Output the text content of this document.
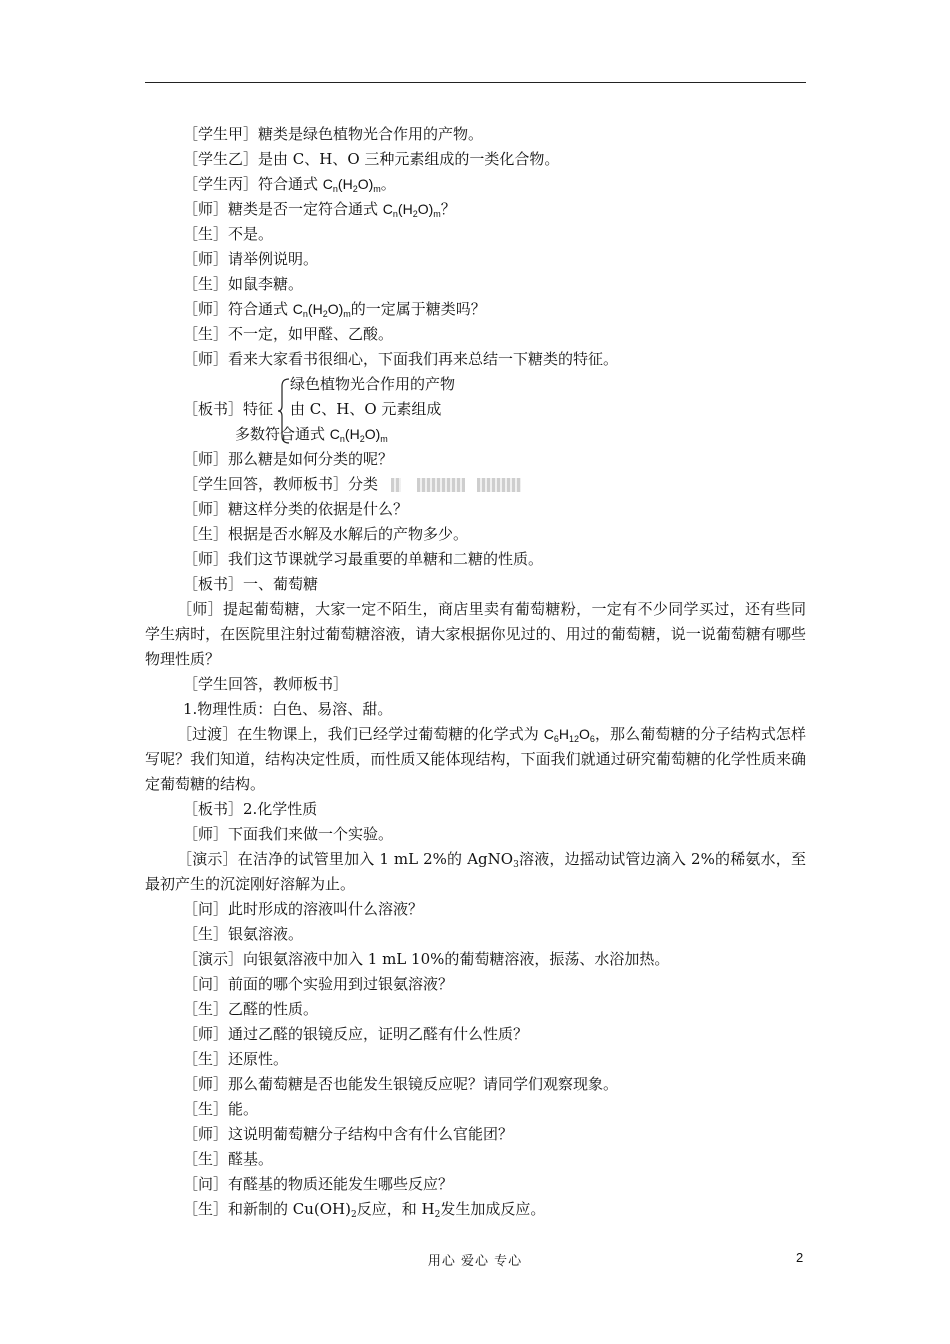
［学生甲］糖类是绿色植物光合作用的产物。
［学生乙］是由 C、H、O 三种元素组成的一类化合物。
［学生丙］符合通式 $C_n(H_2O)_m$。
［师］糖类是否一定符合通式 $C_n(H_2O)_m$？
［生］不是。
［师］请举例说明。
［生］如鼠李糖。
［师］符合通式 $C_n(H_2O)_m$的一定属于糖类吗？
［生］不一定，如甲醛、乙酸。
［师］看来大家看书很细心，下面我们再来总结一下糖类的特征。
绿色植物光合作用的产物
［板书］特征 由 C、H、O 元素组成
多数符合通式 $C_n(H_2O)_m$
［师］那么糖是如何分类的呢？
［学生回答，教师板书］分类
［师］糖这样分类的依据是什么？
［生］根据是否水解及水解后的产物多少。
［师］我们这节课就学习最重要的单糖和二糖的性质。
［板书］一、葡萄糖
［师］提起葡萄糖，大家一定不陌生，商店里卖有葡萄糖粉，一定有不少同学买过，还有些同学生病时，在医院里注射过葡萄糖溶液，请大家根据你见过的、用过的葡萄糖，说一说葡萄糖有哪些物理性质？
［学生回答，教师板书］
1.物理性质：白色、易溶、甜。
［过渡］在生物课上，我们已经学过葡萄糖的化学式为 $C_6H_{12}O_6$，那么葡萄糖的分子结构式怎样写呢？我们知道，结构决定性质，而性质又能体现结构，下面我们就通过研究葡萄糖的化学性质来确定葡萄糖的结构。
［板书］2.化学性质
［师］下面我们来做一个实验。
［演示］在洁净的试管里加入 1 mL 2%的 AgNO$_3$溶液，边摇动试管边滴入 2%的稀氨水，至最初产生的沉淀刚好溶解为止。
［问］此时形成的溶液叫什么溶液？
［生］银氨溶液。
［演示］向银氨溶液中加入 1 mL 10%的葡萄糖溶液，振荡、水浴加热。
［问］前面的哪个实验用到过银氨溶液？
［生］乙醛的性质。
［师］通过乙醛的银镜反应，证明乙醛有什么性质？
［生］还原性。
［师］那么葡萄糖是否也能发生银镜反应呢？请同学们观察现象。
［生］能。
［师］这说明葡萄糖分子结构中含有什么官能团？
［生］醛基。
［问］有醛基的物质还能发生哪些反应？
［生］和新制的 $Cu(OH)_2$反应，和 $H_2$发生加成反应。
用心 爱心 专心	2
